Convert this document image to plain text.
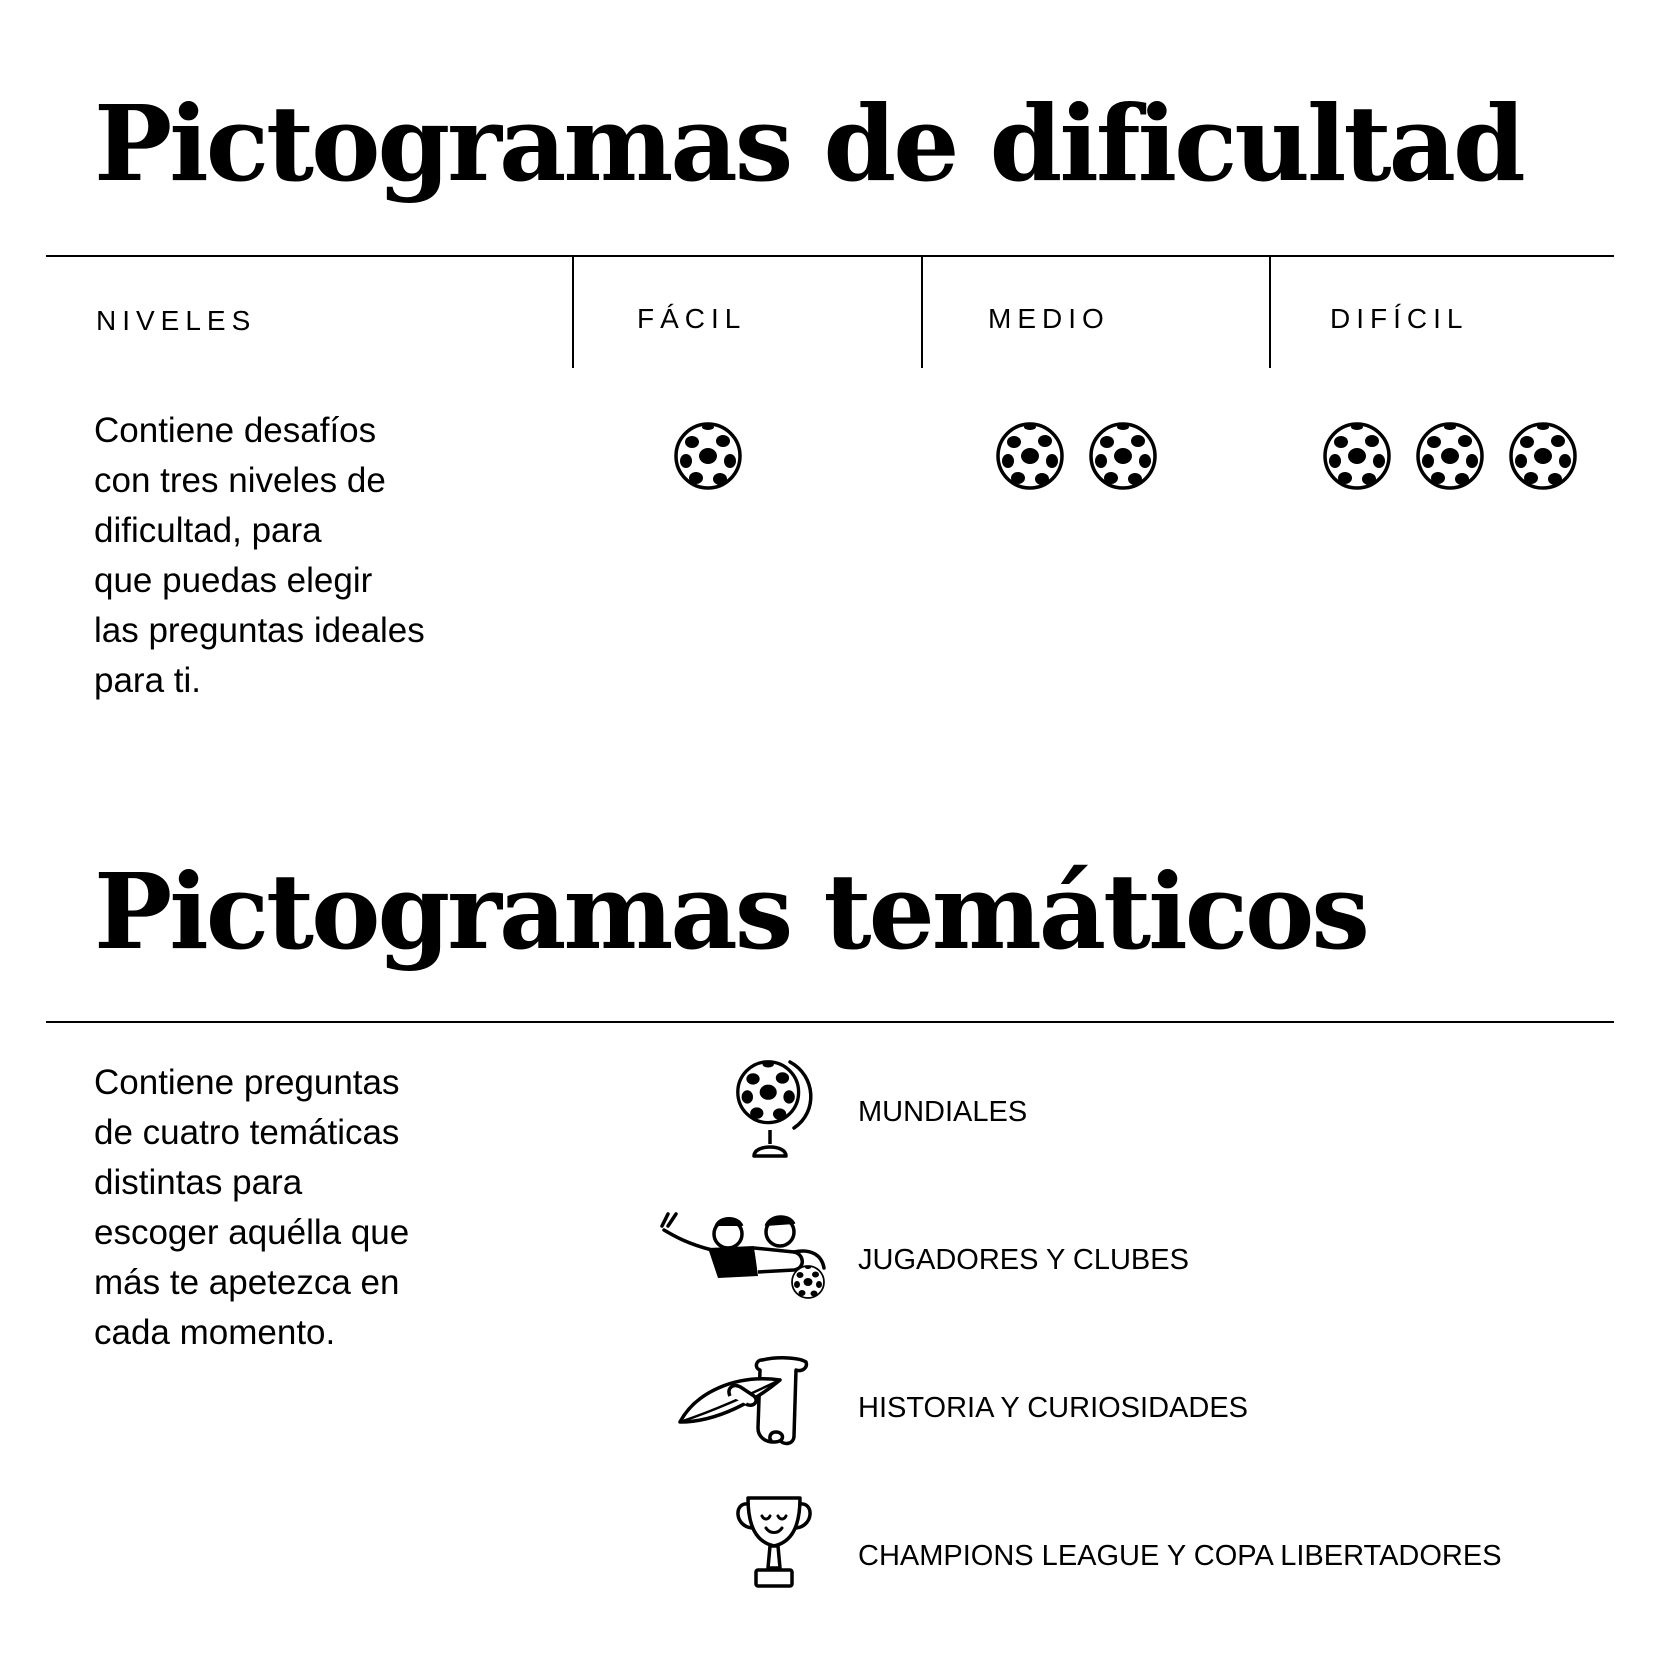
Pictogramas de dificultad
NIVELES	FÁCIL	MEDIO	DIFÍCIL
Contiene desafíos
con tres niveles de
dificultad, para
que puedas elegir
las preguntas ideales
para ti.
Pictogramas temáticos
Contiene preguntas
de cuatro temáticas
distintas para
escoger aquélla que
más te apetezca en
cada momento.
MUNDIALES
JUGADORES Y CLUBES
HISTORIA Y CURIOSIDADES
CHAMPIONS LEAGUE Y COPA LIBERTADORES
